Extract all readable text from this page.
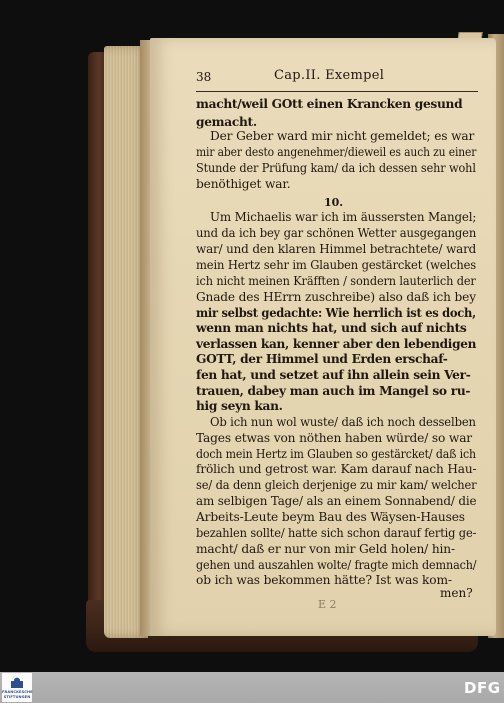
38	Cap.II. Exempel
macht/weil GOtt einen Krancken gesund
gemacht.
Der Geber ward mir nicht gemeldet; es war
mir aber desto angenehmer/dieweil es auch zu einer
Stunde der Prüfung kam/ da ich dessen sehr wohl
benöthiget war.
Um Michaelis war ich im äussersten Mangel;
und da ich bey gar schönen Wetter ausgegangen
war/ und den klaren Himmel betrachtete/ ward
mein Hertz sehr im Glauben gestärcket (welches
ich nicht meinen Kräfften / sondern lauterlich der
Gnade des HErrn zuschreibe) also daß ich bey
mir selbst gedachte: Wie herrlich ist es doch,
wenn man nichts hat, und sich auf nichts
verlassen kan, kenner aber den lebendigen
GOTT, der Himmel und Erden erschaf-
fen hat, und setzet auf ihn allein sein Ver-
trauen, dabey man auch im Mangel so ru-
hig seyn kan.
Ob ich nun wol wuste/ daß ich noch desselben
Tages etwas von nöthen haben würde/ so war
doch mein Hertz im Glauben so gestärcket/ daß ich
frölich und getrost war. Kam darauf nach Hau-
se/ da denn gleich derjenige zu mir kam/ welcher
am selbigen Tage/ als an einem Sonnabend/ die
Arbeits-Leute beym Bau des Wäysen-Hauses
bezahlen sollte/ hatte sich schon darauf fertig ge-
macht/ daß er nur von mir Geld holen/ hin-
gehen und auszahlen wolte/ fragte mich demnach/
ob ich was bekommen hätte? Ist was kom-
10.
E 2
men?
FRANCKESCHE
STIFTUNGEN	DFG
